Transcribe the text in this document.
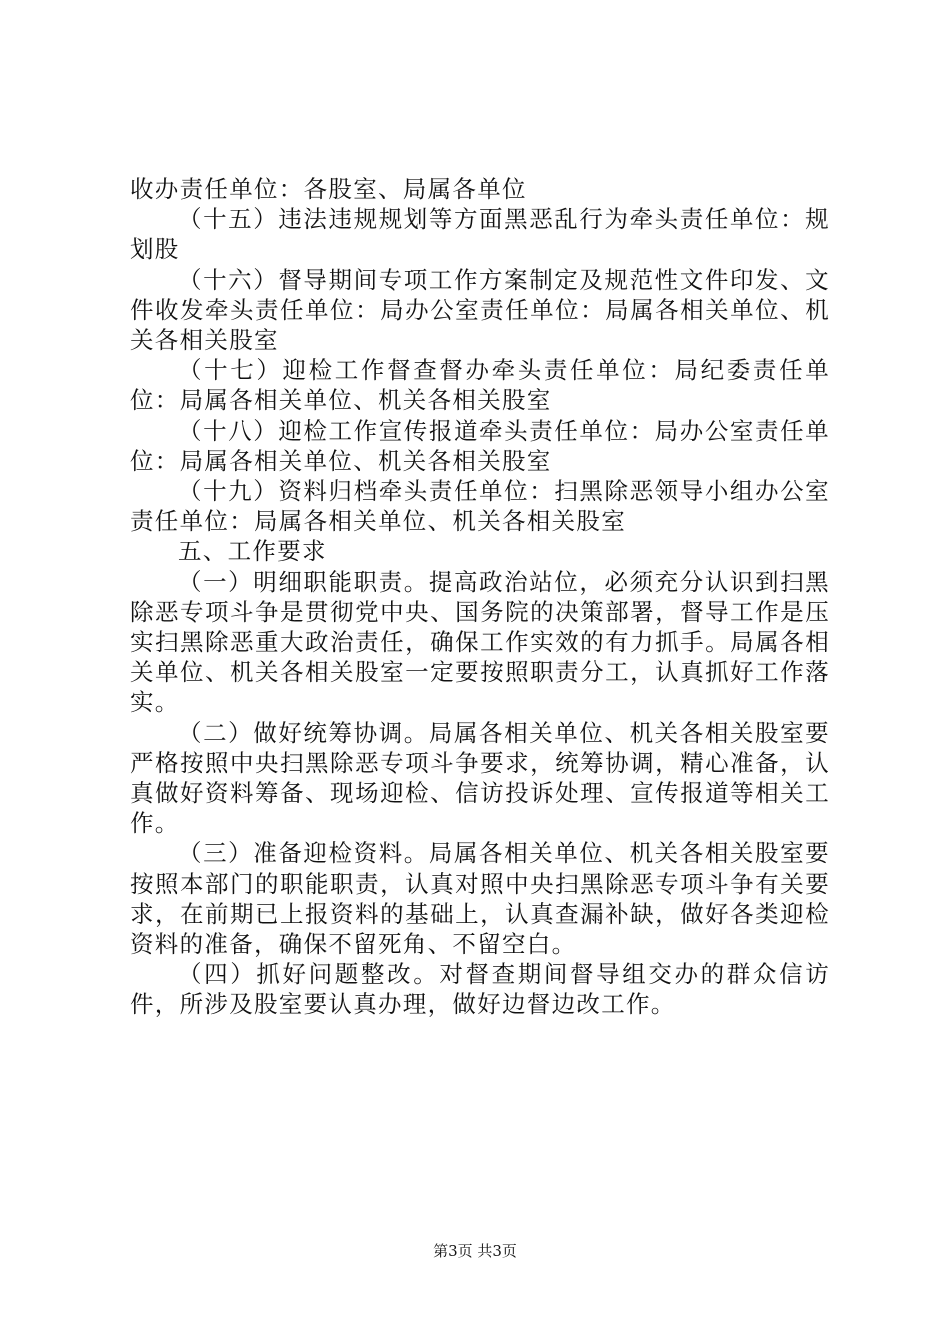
收办责任单位：各股室、局属各单位

（十五）违法违规规划等方面黑恶乱行为牵头责任单位：规划股

（十六）督导期间专项工作方案制定及规范性文件印发、文件收发牵头责任单位：局办公室责任单位：局属各相关单位、机关各相关股室

（十七）迎检工作督查督办牵头责任单位：局纪委责任单位：局属各相关单位、机关各相关股室

（十八）迎检工作宣传报道牵头责任单位：局办公室责任单位：局属各相关单位、机关各相关股室

（十九）资料归档牵头责任单位：扫黑除恶领导小组办公室责任单位：局属各相关单位、机关各相关股室

五、工作要求

（一）明细职能职责。提高政治站位，必须充分认识到扫黑除恶专项斗争是贯彻党中央、国务院的决策部署，督导工作是压实扫黑除恶重大政治责任，确保工作实效的有力抓手。局属各相关单位、机关各相关股室一定要按照职责分工，认真抓好工作落实。

（二）做好统筹协调。局属各相关单位、机关各相关股室要严格按照中央扫黑除恶专项斗争要求，统筹协调，精心准备，认真做好资料筹备、现场迎检、信访投诉处理、宣传报道等相关工作。

（三）准备迎检资料。局属各相关单位、机关各相关股室要按照本部门的职能职责，认真对照中央扫黑除恶专项斗争有关要求，在前期已上报资料的基础上，认真查漏补缺，做好各类迎检资料的准备，确保不留死角、不留空白。

（四）抓好问题整改。对督查期间督导组交办的群众信访件，所涉及股室要认真办理，做好边督边改工作。

第3页 共3页
